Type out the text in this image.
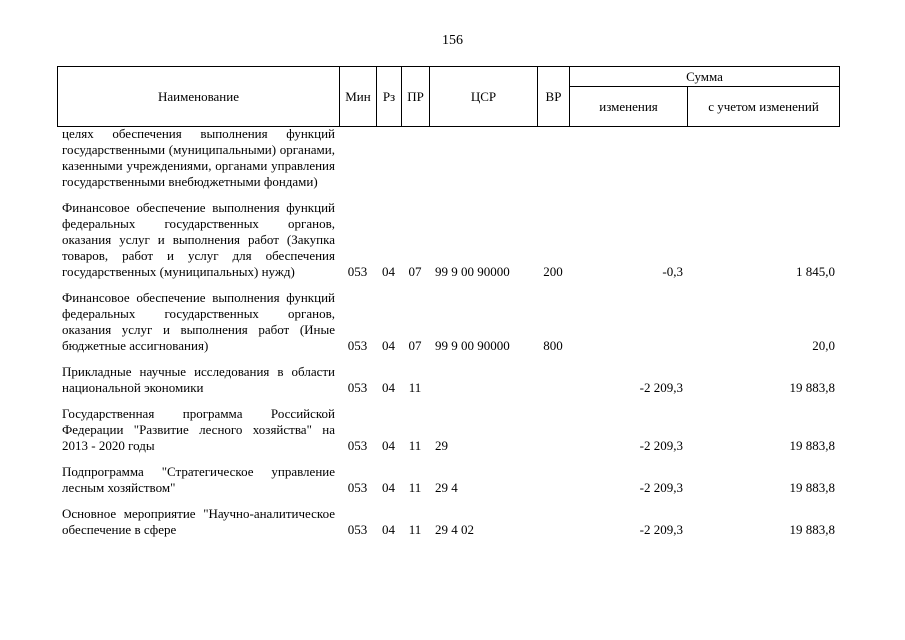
156
Наименование	Мин	Рз	ПР	ЦСР	ВР	Сумма	
						изменения	с учетом изменений
целях обеспечения выполнения функций государственными (муниципальными) органами, казенными учреждениями, органами управления государственными внебюджетными фондами)							
Финансовое обеспечение выполнения функций федеральных государственных органов, оказания услуг и выполнения работ (Закупка товаров, работ и услуг для обеспечения государственных (муниципальных) нужд)	053	04	07	99 9 00 90000	200	-0,3	1 845,0
Финансовое обеспечение выполнения функций федеральных государственных органов, оказания услуг и выполнения работ (Иные бюджетные ассигнования)	053	04	07	99 9 00 90000	800		20,0
Прикладные научные исследования в области национальной экономики	053	04	11			-2 209,3	19 883,8
Государственная программа Российской Федерации "Развитие лесного хозяйства" на 2013 - 2020 годы	053	04	11	29		-2 209,3	19 883,8
Подпрограмма "Стратегическое управление лесным хозяйством"	053	04	11	29 4		-2 209,3	19 883,8
Основное мероприятие "Научно-аналитическое обеспечение в сфере	053	04	11	29 4 02		-2 209,3	19 883,8
